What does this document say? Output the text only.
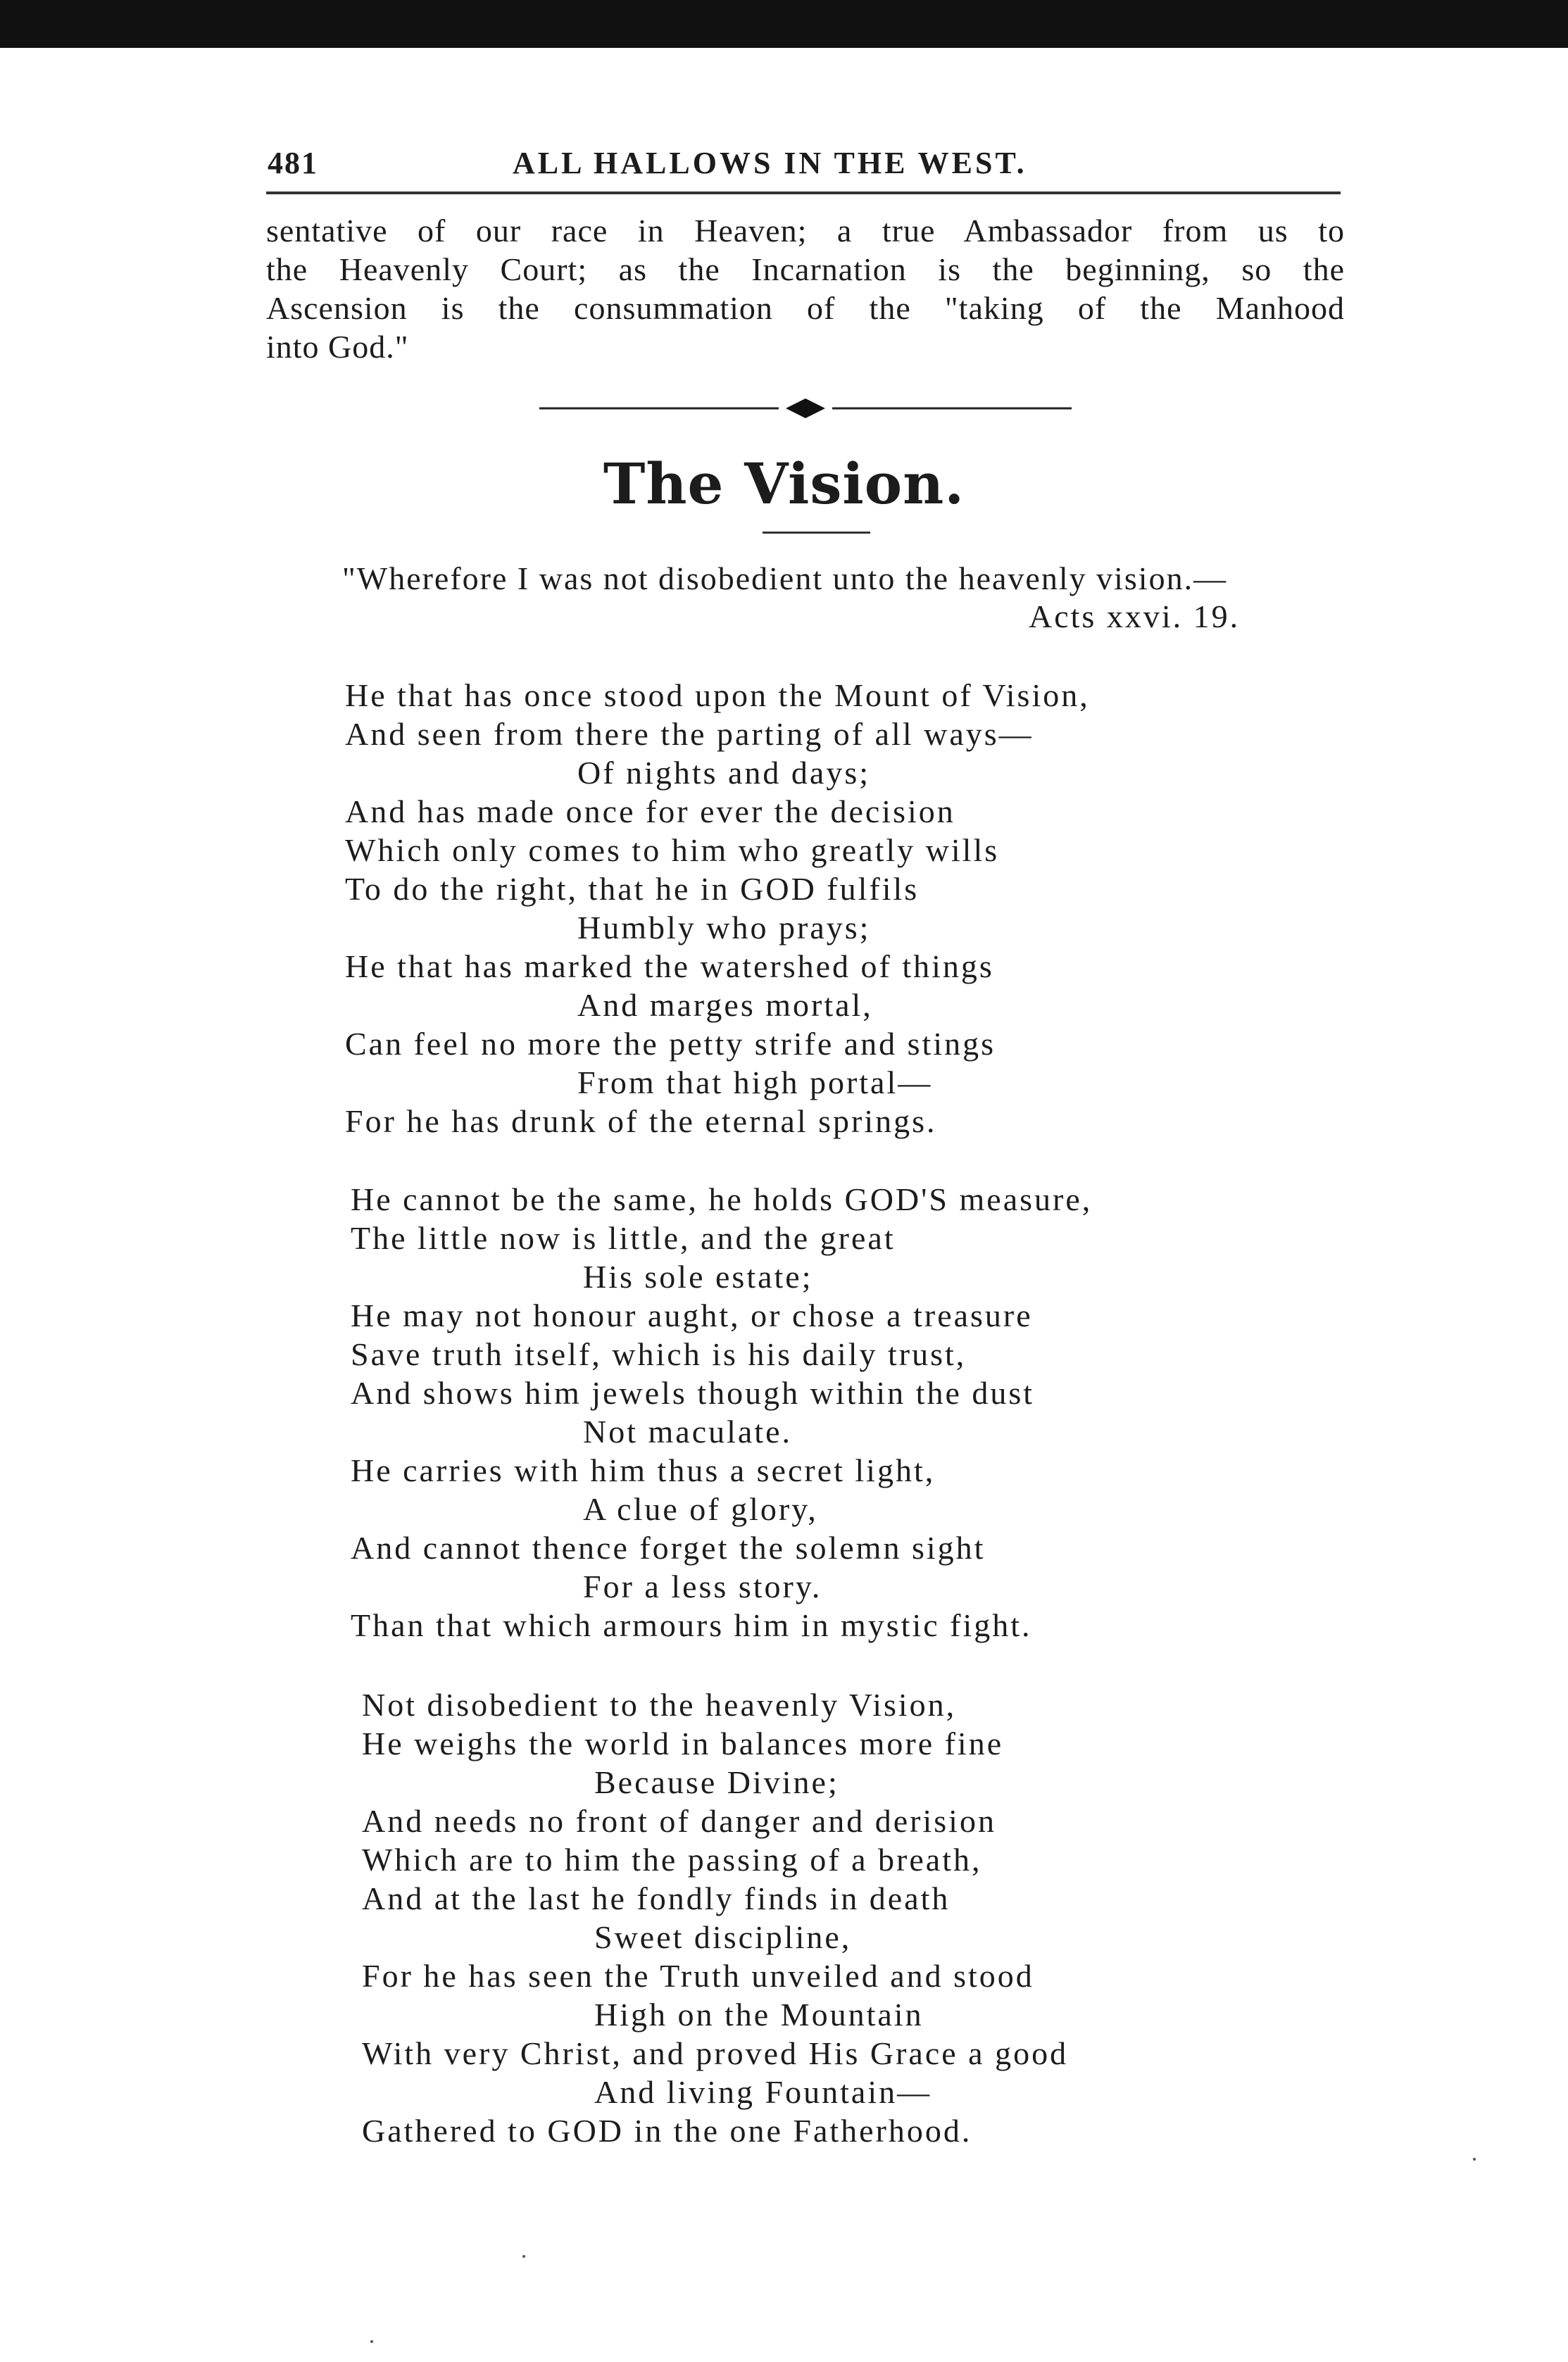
481	ALL HALLOWS IN THE WEST.
sentative of our race in Heaven; a true Ambassador from us to
the Heavenly Court; as the Incarnation is the beginning, so the
Ascension is the consummation of the "taking of the Manhood
into God."
The Vision.
"Wherefore I was not disobedient unto the heavenly vision.—
Acts xxvi. 19.
He that has once stood upon the Mount of Vision,
And seen from there the parting of all ways—
Of nights and days;
And has made once for ever the decision
Which only comes to him who greatly wills
To do the right, that he in GOD fulfils
Humbly who prays;
He that has marked the watershed of things
And marges mortal,
Can feel no more the petty strife and stings
From that high portal—
For he has drunk of the eternal springs.
He cannot be the same, he holds GOD'S measure,
The little now is little, and the great
His sole estate;
He may not honour aught, or chose a treasure
Save truth itself, which is his daily trust,
And shows him jewels though within the dust
Not maculate.
He carries with him thus a secret light,
A clue of glory,
And cannot thence forget the solemn sight
For a less story.
Than that which armours him in mystic fight.
Not disobedient to the heavenly Vision,
He weighs the world in balances more fine
Because Divine;
And needs no front of danger and derision
Which are to him the passing of a breath,
And at the last he fondly finds in death
Sweet discipline,
For he has seen the Truth unveiled and stood
High on the Mountain
With very Christ, and proved His Grace a good
And living Fountain—
Gathered to GOD in the one Fatherhood.
